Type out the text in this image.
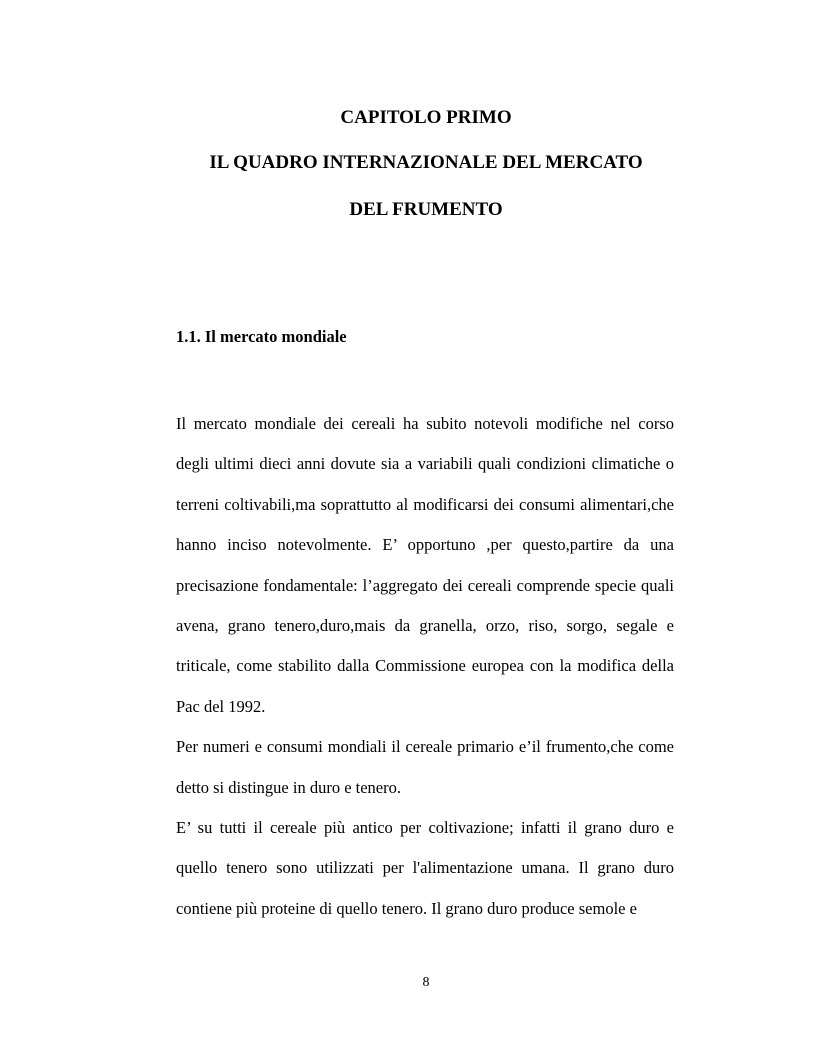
CAPITOLO PRIMO
IL QUADRO INTERNAZIONALE DEL MERCATO
DEL FRUMENTO
1.1. Il mercato mondiale

Il mercato mondiale dei cereali ha subito notevoli modifiche nel corso degli ultimi dieci anni dovute sia a variabili quali condizioni climatiche o terreni coltivabili,ma soprattutto al modificarsi dei consumi alimentari,che hanno inciso notevolmente. E’ opportuno ,per questo,partire da una precisazione fondamentale: l’aggregato dei cereali comprende specie quali avena, grano tenero,duro,mais da granella, orzo, riso, sorgo, segale e triticale, come stabilito dalla Commissione europea con la modifica della Pac del 1992.

Per numeri e consumi mondiali il cereale primario e’il frumento,che come detto si distingue in duro e tenero.

E’ su tutti il cereale più antico per coltivazione; infatti il grano duro e quello tenero sono utilizzati per l'alimentazione umana. Il grano duro contiene più proteine di quello tenero. Il grano duro produce semole e

8
